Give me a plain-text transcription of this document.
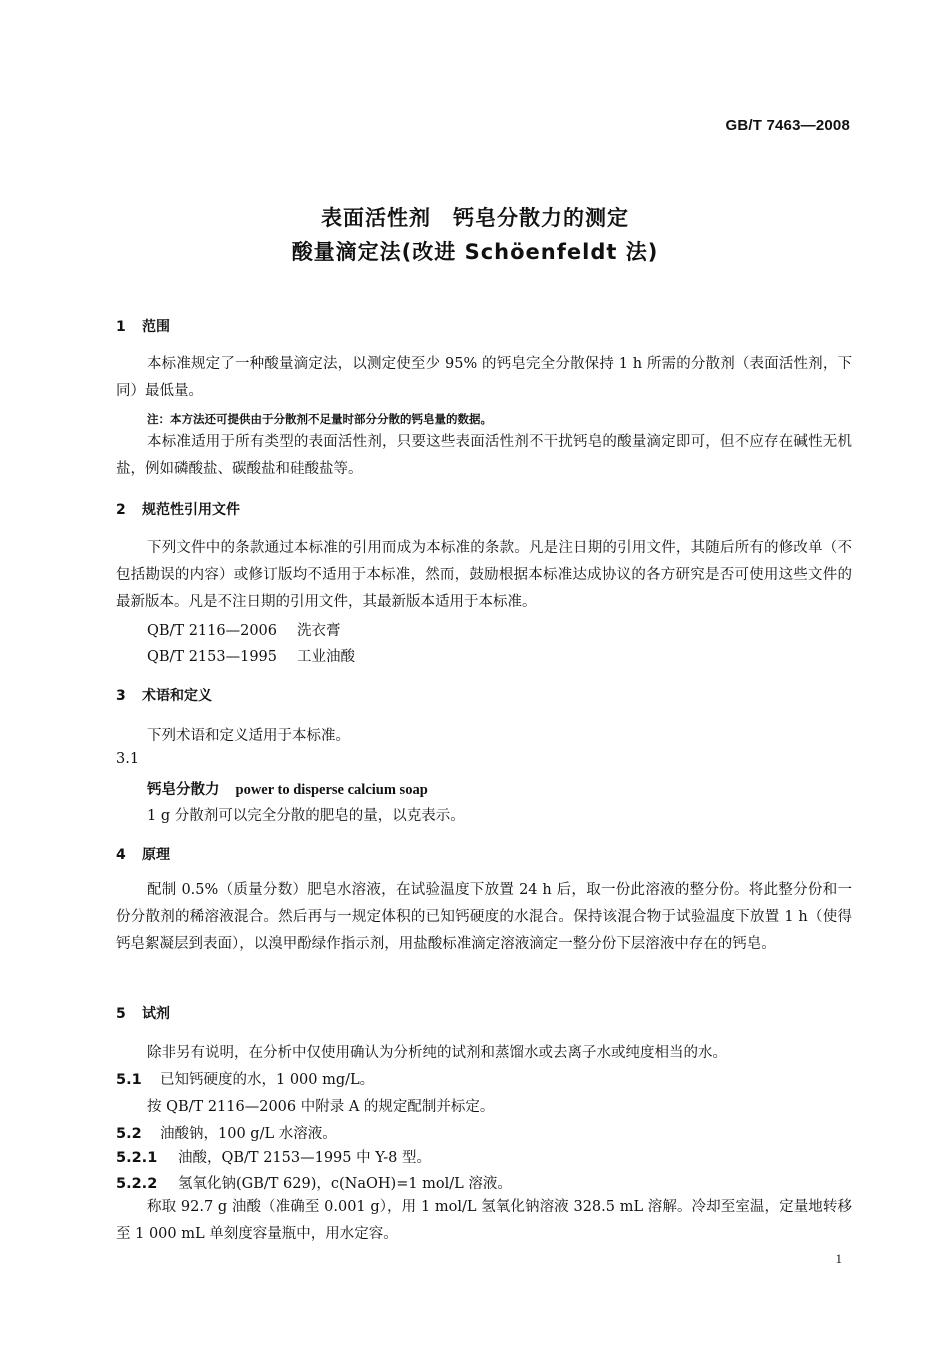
GB/T 7463—2008
表面活性剂　钙皂分散力的测定
酸量滴定法(改进 Schöenfeldt 法)
1 范围
本标准规定了一种酸量滴定法，以测定使至少 95% 的钙皂完全分散保持 1 h 所需的分散剂（表面活性剂，下同）最低量。
注：本方法还可提供由于分散剂不足量时部分分散的钙皂量的数据。
本标准适用于所有类型的表面活性剂，只要这些表面活性剂不干扰钙皂的酸量滴定即可，但不应存在碱性无机盐，例如磷酸盐、碳酸盐和硅酸盐等。
2 规范性引用文件
下列文件中的条款通过本标准的引用而成为本标准的条款。凡是注日期的引用文件，其随后所有的修改单（不包括勘误的内容）或修订版均不适用于本标准，然而，鼓励根据本标准达成协议的各方研究是否可使用这些文件的最新版本。凡是不注日期的引用文件，其最新版本适用于本标准。
QB/T 2116—2006 洗衣膏
QB/T 2153—1995 工业油酸
3 术语和定义
下列术语和定义适用于本标准。
3.1
钙皂分散力 power to disperse calcium soap
1 g 分散剂可以完全分散的肥皂的量，以克表示。
4 原理
配制 0.5%（质量分数）肥皂水溶液，在试验温度下放置 24 h 后，取一份此溶液的整分份。将此整分份和一份分散剂的稀溶液混合。然后再与一规定体积的已知钙硬度的水混合。保持该混合物于试验温度下放置 1 h（使得钙皂絮凝层到表面），以溴甲酚绿作指示剂，用盐酸标准滴定溶液滴定一整分份下层溶液中存在的钙皂。
5 试剂
除非另有说明，在分析中仅使用确认为分析纯的试剂和蒸馏水或去离子水或纯度相当的水。
5.1 已知钙硬度的水，1 000 mg/L。
按 QB/T 2116—2006 中附录 A 的规定配制并标定。
5.2 油酸钠，100 g/L 水溶液。
5.2.1 油酸，QB/T 2153—1995 中 Y-8 型。
5.2.2 氢氧化钠(GB/T 629)，c(NaOH)=1 mol/L 溶液。
称取 92.7 g 油酸（准确至 0.001 g），用 1 mol/L 氢氧化钠溶液 328.5 mL 溶解。冷却至室温，定量地转移至 1 000 mL 单刻度容量瓶中，用水定容。
1
